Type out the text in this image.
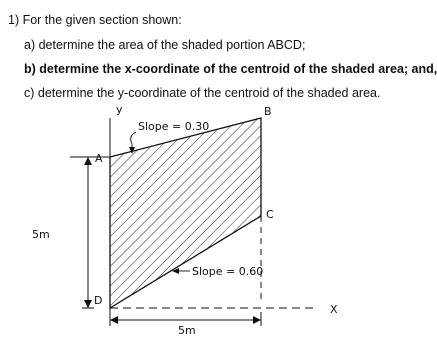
1) For the given section shown:
a) determine the area of the shaded portion ABCD;
b) determine the x-coordinate of the centroid of the shaded area; and,
c) determine the y-coordinate of the centroid of the shaded area.
y
X
5m
5m
A
B
C
D
Slope = 0.30
Slope = 0.60
